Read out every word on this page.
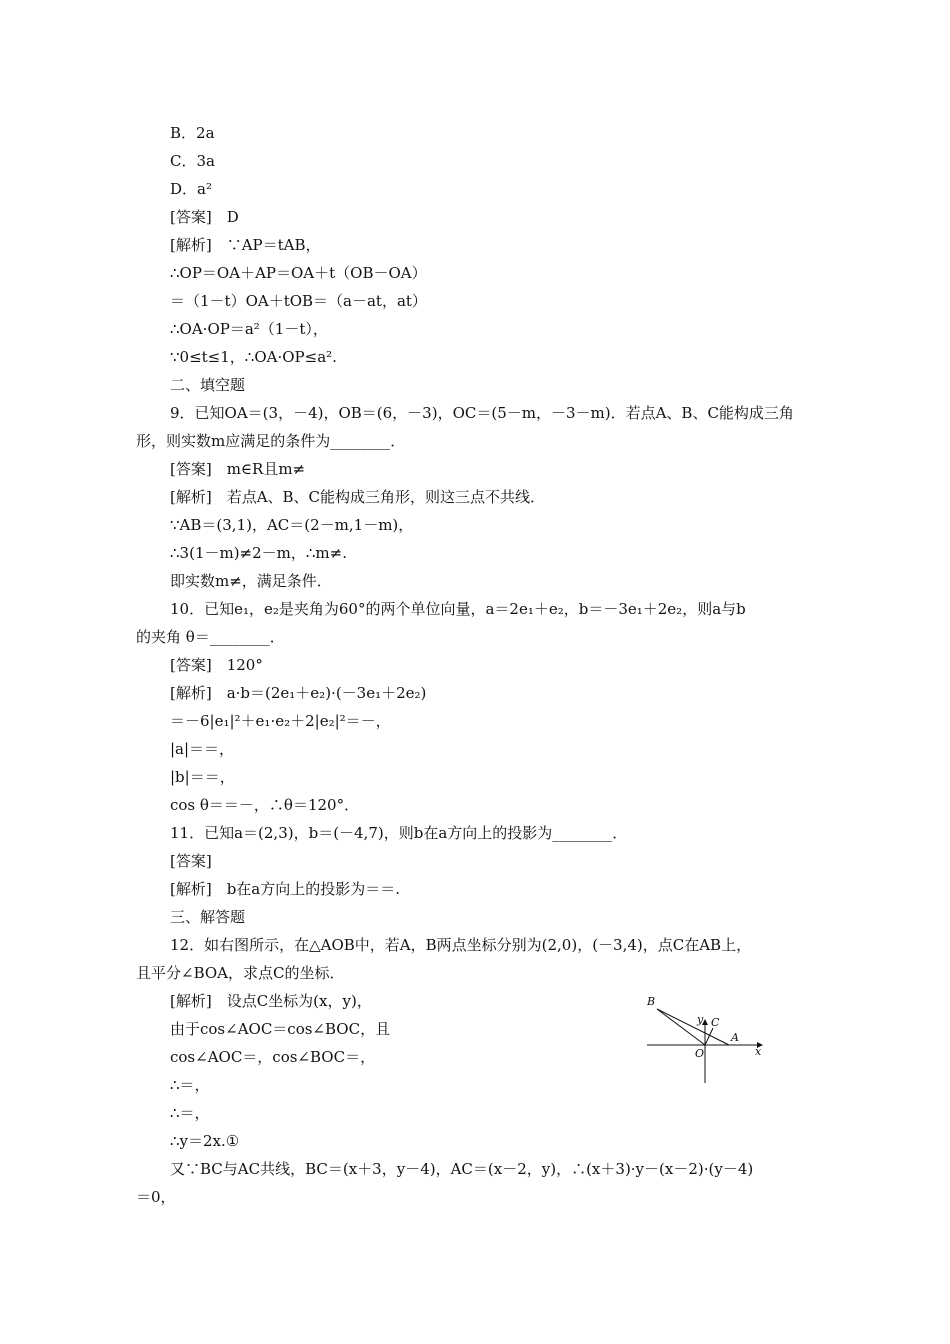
B．2a
C．3a
D．a²
[答案]　D
[解析]　∵AP＝tAB，
∴OP＝OA＋AP＝OA＋t（OB－OA）
＝（1－t）OA＋tOB＝（a－at，at）
∴OA·OP＝a²（1－t），
∵0≤t≤1，∴OA·OP≤a².
二、填空题
9．已知OA＝(3，－4)，OB＝(6，－3)，OC＝(5－m，－3－m)．若点A、B、C能构成三角
形，则实数m应满足的条件为________．
[答案]　m∈R且m≠
[解析]　若点A、B、C能构成三角形，则这三点不共线．
∵AB＝(3,1)，AC＝(2－m,1－m)，
∴3(1－m)≠2－m，∴m≠.
即实数m≠，满足条件．
10．已知e₁，e₂是夹角为60°的两个单位向量，a＝2e₁＋e₂，b＝－3e₁＋2e₂，则a与b
的夹角 θ＝________．
[答案]　120°
[解析]　a·b＝(2e₁＋e₂)·(－3e₁＋2e₂)
＝－6|e₁|²＋e₁·e₂＋2|e₂|²＝－，
|a|＝＝，
|b|＝＝，
cos θ＝＝－，∴θ＝120°．
11．已知a＝(2,3)，b＝(－4,7)，则b在a方向上的投影为________．
[答案]
[解析]　b在a方向上的投影为＝＝.
三、解答题
12．如右图所示，在△AOB中，若A，B两点坐标分别为(2,0)，(－3,4)，点C在AB上，
且平分∠BOA，求点C的坐标．
[解析]　设点C坐标为(x，y)，
由于cos∠AOC＝cos∠BOC，且
cos∠AOC＝，cos∠BOC＝，
∴＝，
∴＝，
∴y＝2x.①
又∵BC与AC共线，BC＝(x＋3，y－4)，AC＝(x－2，y)，∴(x＋3)·y－(x－2)·(y－4)
＝0，
B
y C
A
O	x
